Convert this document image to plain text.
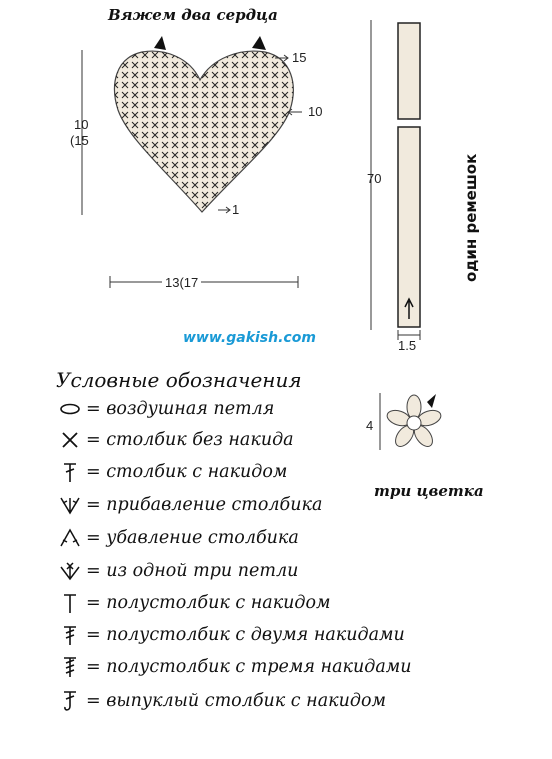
Вяжем два сердца
10
(15
13(17
15
10
1
70
1.5
один ремешок
www.gakish.com
4
три цветка
Условные обозначения
= воздушная петля
= столбик без накида
= столбик с накидом
= прибавление столбика
= убавление столбика
= из одной три петли
= полустолбик с накидом
= полустолбик с двумя накидами
= полустолбик с тремя накидами
= выпуклый столбик с накидом
